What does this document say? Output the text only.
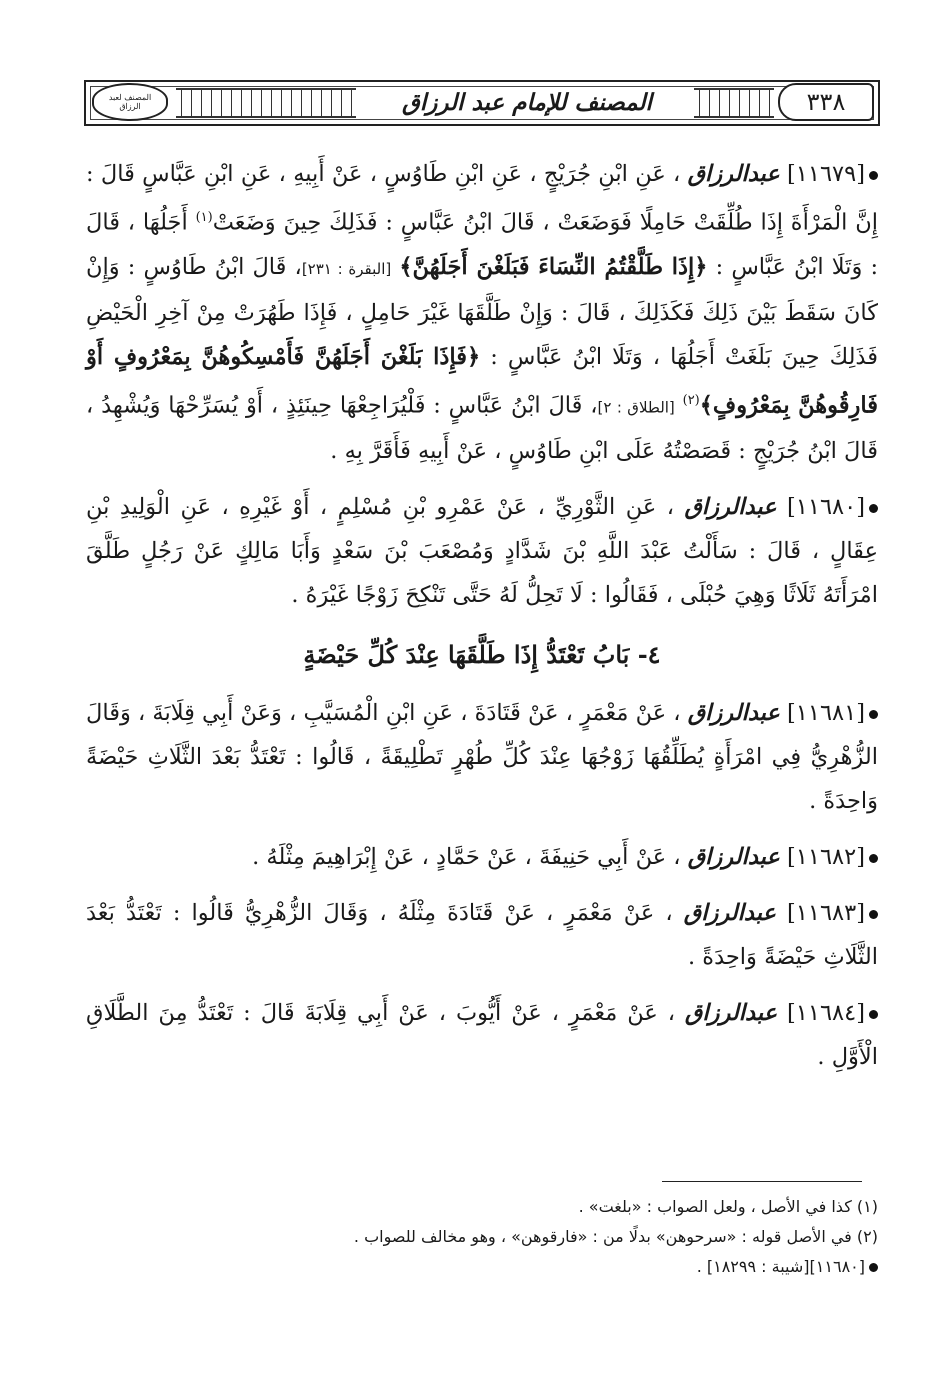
المصنف لعبد الرزاق	المصنف للإمام عبد الرزاق	٣٣٨

[١١٦٧٩] عبدالرزاق ، عَنِ ابْنِ جُرَيْجٍ ، عَنِ ابْنِ طَاوُسٍ ، عَنْ أَبِيهِ ، عَنِ ابْنِ عَبَّاسٍ قَالَ : إِنَّ الْمَرْأَةَ إِذَا طُلِّقَتْ حَامِلًا فَوَضَعَتْ ، قَالَ ابْنُ عَبَّاسٍ : فَذَلِكَ حِينَ وَضَعَتْ$^{(١)}$ أَجَلُهَا ، قَالَ : وَتَلَا ابْنُ عَبَّاسٍ : ﴿إِذَا طَلَّقْتُمُ النِّسَاءَ فَبَلَغْنَ أَجَلَهُنَّ﴾ [البقرة : ٢٣١]، قَالَ ابْنُ طَاوُسٍ : وَإِنْ كَانَ سَقَطَ بَيْنَ ذَلِكَ فَكَذَلِكَ ، قَالَ : وَإِنْ طَلَّقَهَا غَيْرَ حَامِلٍ ، فَإِذَا طَهُرَتْ مِنْ آخِرِ الْحَيْضِ فَذَلِكَ حِينَ بَلَغَتْ أَجَلُهَا ، وَتَلَا ابْنُ عَبَّاسٍ : ﴿فَإِذَا بَلَغْنَ أَجَلَهُنَّ فَأَمْسِكُوهُنَّ بِمَعْرُوفٍ أَوْ فَارِقُوهُنَّ بِمَعْرُوفٍ﴾$^{(٢)}$ [الطلاق : ٢]، قَالَ ابْنُ عَبَّاسٍ : فَلْيُرَاجِعْهَا حِينَئِذٍ ، أَوْ يُسَرِّحْهَا وَيُشْهِدُ ، قَالَ ابْنُ جُرَيْجٍ : قَصَصْتُهُ عَلَى ابْنِ طَاوُسٍ ، عَنْ أَبِيهِ فَأَقَرَّ بِهِ .

[١١٦٨٠] عبدالرزاق ، عَنِ الثَّوْرِيِّ ، عَنْ عَمْرِو بْنِ مُسْلِمٍ ، أَوْ غَيْرِهِ ، عَنِ الْوَلِيدِ بْنِ عِقَالٍ ، قَالَ : سَأَلْتُ عَبْدَ اللَّهِ بْنَ شَدَّادٍ وَمُصْعَبَ بْنَ سَعْدٍ وَأَبَا مَالِكٍ عَنْ رَجُلٍ طَلَّقَ امْرَأَتَهُ ثَلَاثًا وَهِيَ حُبْلَى ، فَقَالُوا : لَا تَحِلُّ لَهُ حَتَّى تَنْكِحَ زَوْجًا غَيْرَهُ .

٤- بَابُ تَعْتَدُّ إِذَا طَلَّقَهَا عِنْدَ كُلِّ حَيْضَةٍ

[١١٦٨١] عبدالرزاق ، عَنْ مَعْمَرٍ ، عَنْ قَتَادَةَ ، عَنِ ابْنِ الْمُسَيَّبِ ، وَعَنْ أَبِي قِلَابَةَ ، وَقَالَ الزُّهْرِيُّ فِي امْرَأَةٍ يُطَلِّقُهَا زَوْجُهَا عِنْدَ كُلِّ طُهْرٍ تَطْلِيقَةً ، قَالُوا : تَعْتَدُّ بَعْدَ الثَّلَاثِ حَيْضَةً وَاحِدَةً .

[١١٦٨٢] عبدالرزاق ، عَنْ أَبِي حَنِيفَةَ ، عَنْ حَمَّادٍ ، عَنْ إِبْرَاهِيمَ مِثْلَهُ .

[١١٦٨٣] عبدالرزاق ، عَنْ مَعْمَرٍ ، عَنْ قَتَادَةَ مِثْلَهُ ، وَقَالَ الزُّهْرِيُّ قَالُوا : تَعْتَدُّ بَعْدَ الثَّلَاثِ حَيْضَةً وَاحِدَةً .

[١١٦٨٤] عبدالرزاق ، عَنْ مَعْمَرٍ ، عَنْ أَيُّوبَ ، عَنْ أَبِي قِلَابَةَ قَالَ : تَعْتَدُّ مِنَ الطَّلَاقِ الْأَوَّلِ .

(١) كذا في الأصل ، ولعل الصواب : «بلغت» .

(٢) في الأصل قوله : «سرحوهن» بدلًا من : «فارقوهن» ، وهو مخالف للصواب .

[١١٦٨٠][شيبة : ١٨٢٩٩] .
